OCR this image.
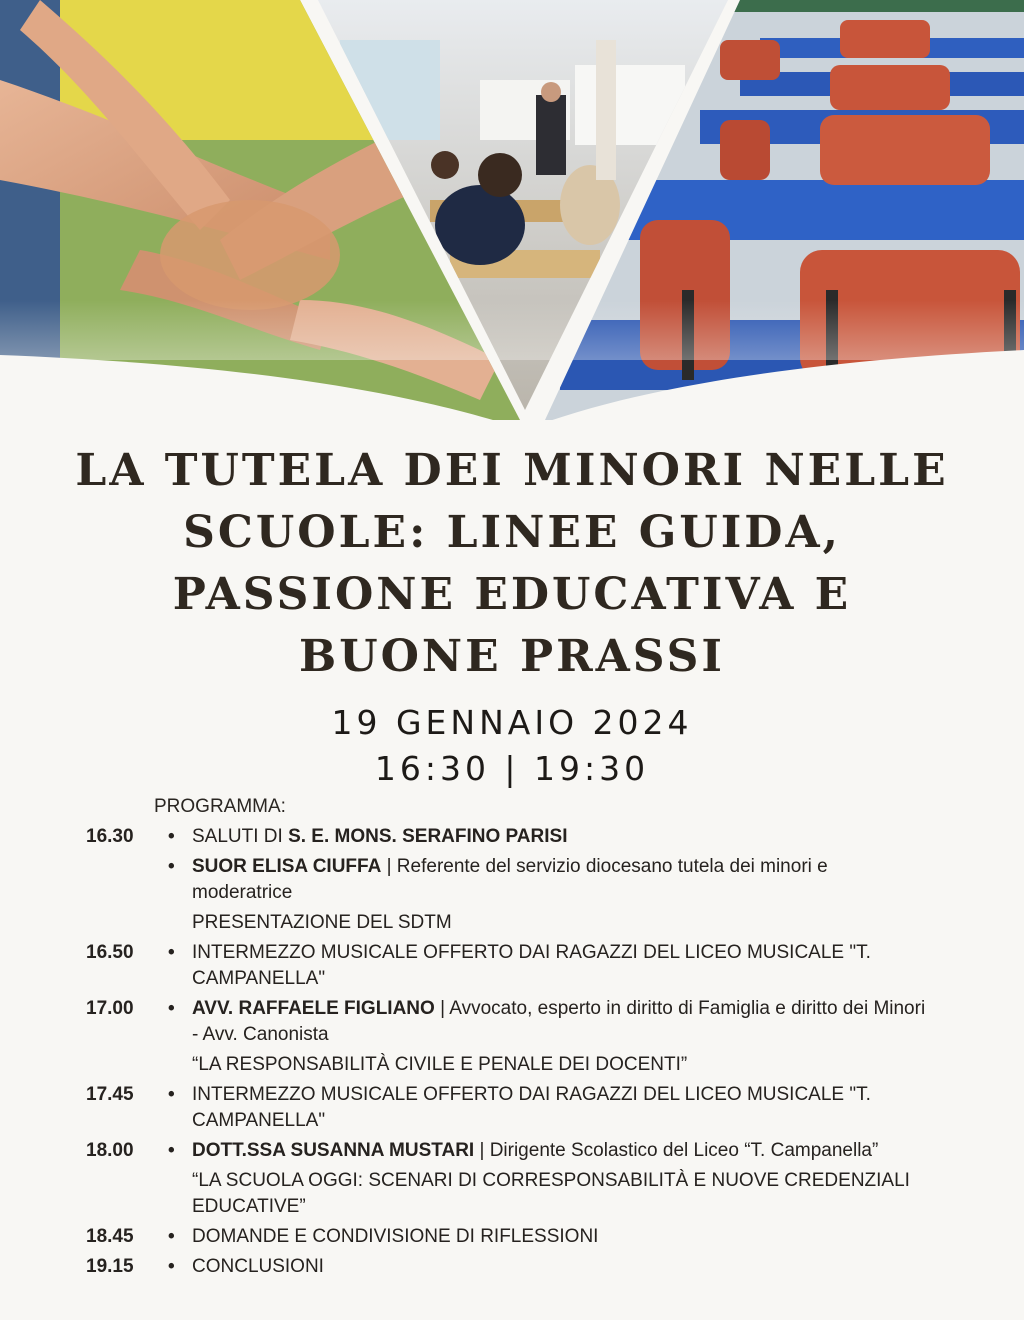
LA TUTELA DEI MINORI NELLE
SCUOLE: LINEE GUIDA,
PASSIONE EDUCATIVA E
BUONE PRASSI
19 GENNAIO 2024
16:30 | 19:30
PROGRAMMA:
16.30	• SALUTI DI S. E. MONS. SERAFINO PARISI
• SUOR ELISA CIUFFA | Referente del servizio diocesano tutela dei minori e moderatrice
PRESENTAZIONE DEL SDTM
16.50	• INTERMEZZO MUSICALE OFFERTO DAI RAGAZZI DEL LICEO MUSICALE "T. CAMPANELLA"
17.00	• AVV. RAFFAELE FIGLIANO | Avvocato, esperto in diritto di Famiglia e diritto dei Minori - Avv. Canonista
“LA RESPONSABILITÀ CIVILE E PENALE DEI DOCENTI”
17.45	• INTERMEZZO MUSICALE OFFERTO DAI RAGAZZI DEL LICEO MUSICALE "T. CAMPANELLA"
18.00	• DOTT.SSA SUSANNA MUSTARI | Dirigente Scolastico del Liceo “T. Campanella”
“LA SCUOLA OGGI: SCENARI DI CORRESPONSABILITÀ E NUOVE CREDENZIALI EDUCATIVE”
18.45	• DOMANDE E CONDIVISIONE DI RIFLESSIONI
19.15	• CONCLUSIONI
